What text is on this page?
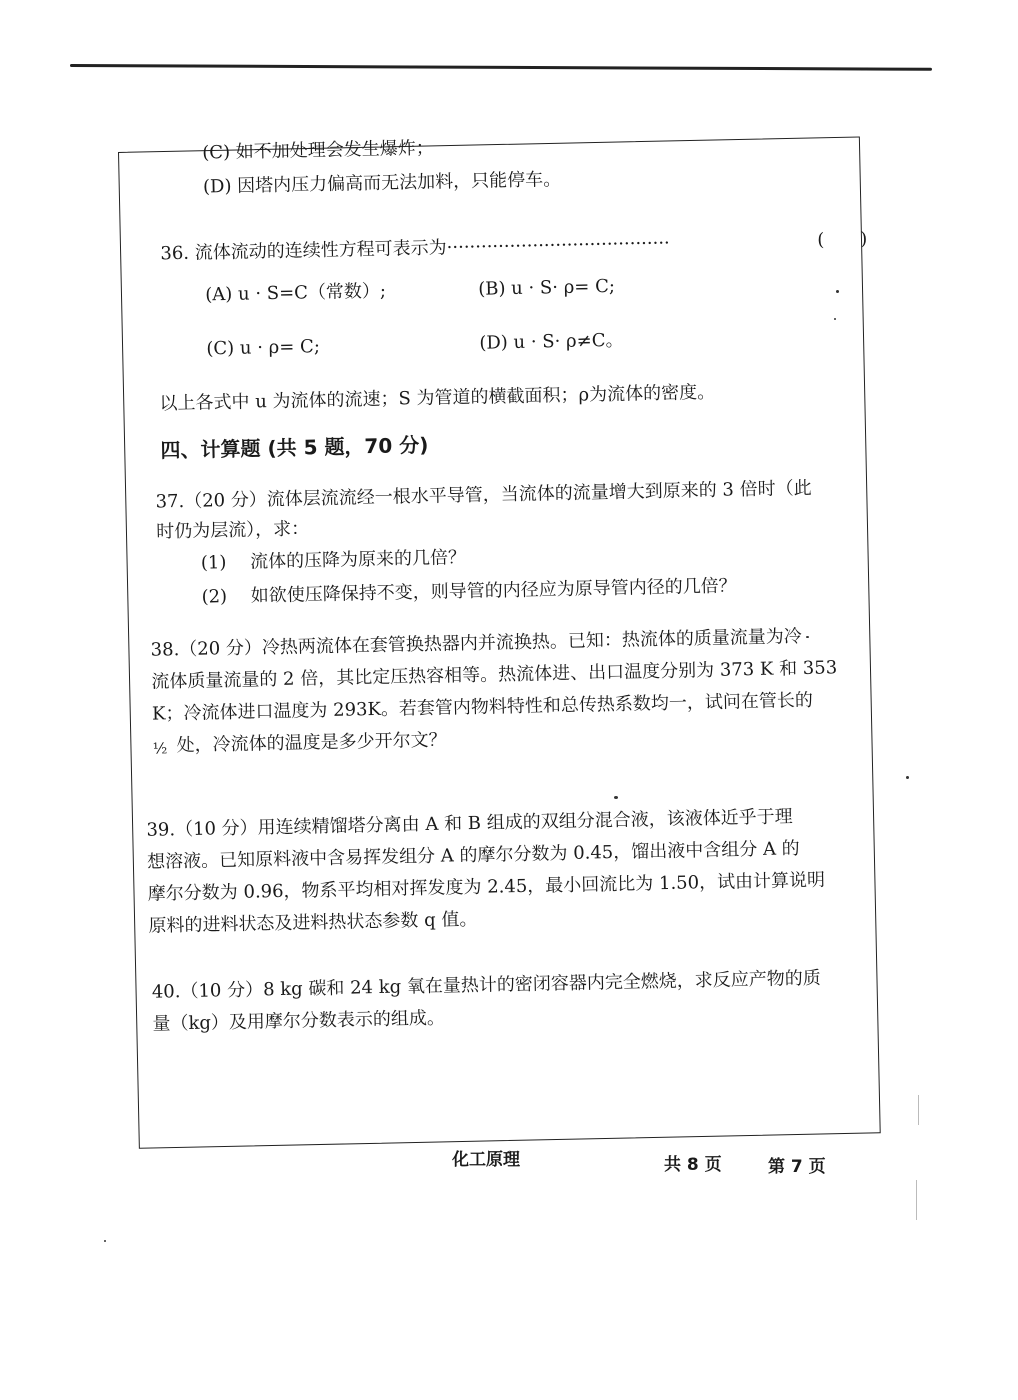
(C) 如不加处理会发生爆炸；
(D) 因塔内压力偏高而无法加料，只能停车。
36. 流体流动的连续性方程可表示为·······································	(　　)
(A) u · S=C（常数）;	(B) u · S· ρ= C;
(C) u · ρ= C;	(D) u · S· ρ≠C。
以上各式中 u 为流体的流速；S 为管道的横截面积；ρ为流体的密度。
四、计算题 (共 5 题，70 分)
37.（20 分）流体层流流经一根水平导管，当流体的流量增大到原来的 3 倍时（此
时仍为层流），求：
(1)　 流体的压降为原来的几倍？
(2)　 如欲使压降保持不变，则导管的内径应为原导管内径的几倍？
38.（20 分）冷热两流体在套管换热器内并流换热。已知：热流体的质量流量为冷
流体质量流量的 2 倍，其比定压热容相等。热流体进、出口温度分别为 373 K 和 353
K；冷流体进口温度为 293K。若套管内物料特性和总传热系数均一，试问在管长的
½ 处，冷流体的温度是多少开尔文？
39.（10 分）用连续精馏塔分离由 A 和 B 组成的双组分混合液，该液体近乎于理
想溶液。已知原料液中含易挥发组分 A 的摩尔分数为 0.45，馏出液中含组分 A 的
摩尔分数为 0.96，物系平均相对挥发度为 2.45，最小回流比为 1.50，试由计算说明
原料的进料状态及进料热状态参数 q 值。
40.（10 分）8 kg 碳和 24 kg 氧在量热计的密闭容器内完全燃烧，求反应产物的质
量（kg）及用摩尔分数表示的组成。
化工原理	共 8 页	第 7 页
